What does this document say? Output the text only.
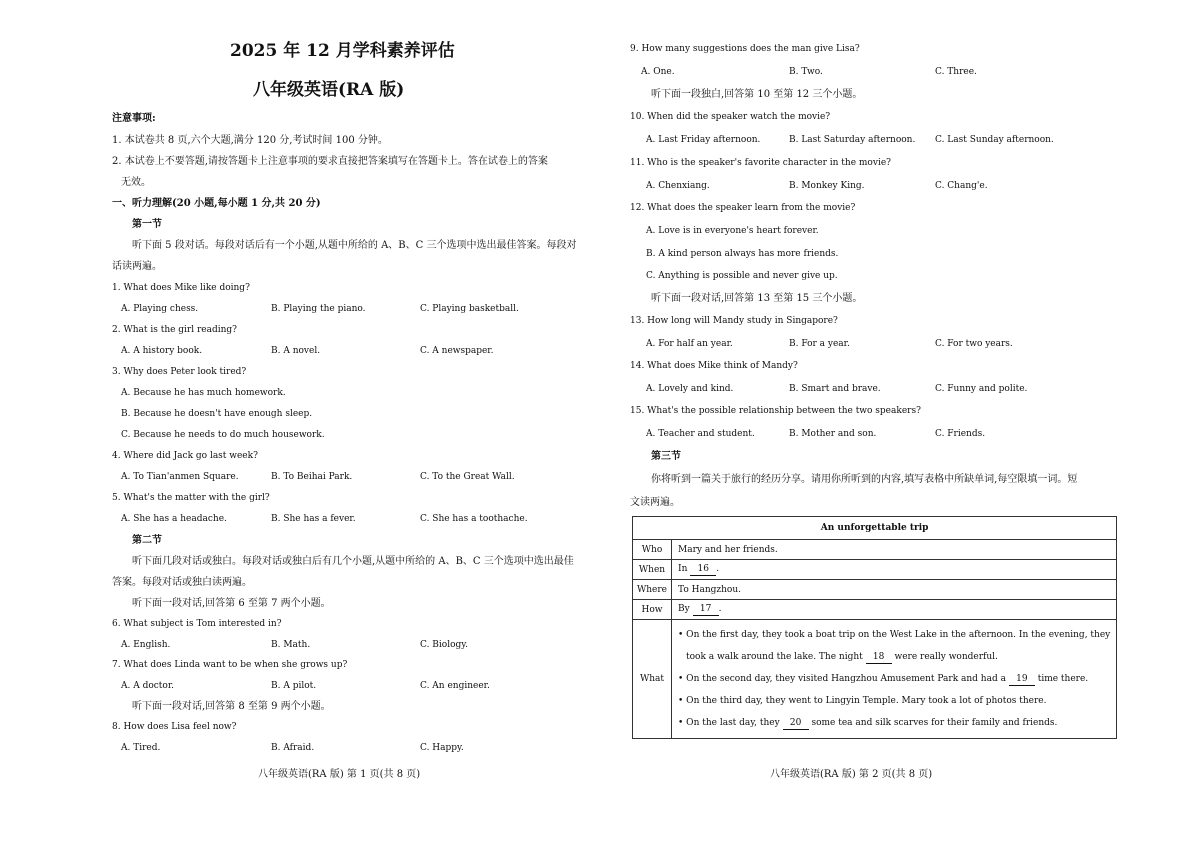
2025 年 12 月学科素养评估
八年级英语(RA 版)
注意事项:
1. 本试卷共 8 页,六个大题,满分 120 分,考试时间 100 分钟。
2. 本试卷上不要答题,请按答题卡上注意事项的要求直接把答案填写在答题卡上。答在试卷上的答案
无效。
一、听力理解(20 小题,每小题 1 分,共 20 分)
第一节
听下面 5 段对话。每段对话后有一个小题,从题中所给的 A、B、C 三个选项中选出最佳答案。每段对
话读两遍。
1. What does Mike like doing?
A. Playing chess.	B. Playing the piano.	C. Playing basketball.
2. What is the girl reading?
A. A history book.	B. A novel.	C. A newspaper.
3. Why does Peter look tired?
A. Because he has much homework.
B. Because he doesn't have enough sleep.
C. Because he needs to do much housework.
4. Where did Jack go last week?
A. To Tian'anmen Square.	B. To Beihai Park.	C. To the Great Wall.
5. What's the matter with the girl?
A. She has a headache.	B. She has a fever.	C. She has a toothache.
第二节
听下面几段对话或独白。每段对话或独白后有几个小题,从题中所给的 A、B、C 三个选项中选出最佳
答案。每段对话或独白读两遍。
听下面一段对话,回答第 6 至第 7 两个小题。
6. What subject is Tom interested in?
A. English.	B. Math.	C. Biology.
7. What does Linda want to be when she grows up?
A. A doctor.	B. A pilot.	C. An engineer.
听下面一段对话,回答第 8 至第 9 两个小题。
8. How does Lisa feel now?
A. Tired.	B. Afraid.	C. Happy.
八年级英语(RA 版) 第 1 页(共 8 页)
9. How many suggestions does the man give Lisa?
A. One.	B. Two.	C. Three.
听下面一段独白,回答第 10 至第 12 三个小题。
10. When did the speaker watch the movie?
A. Last Friday afternoon.	B. Last Saturday afternoon. C. Last Sunday afternoon.
11. Who is the speaker's favorite character in the movie?
A. Chenxiang.	B. Monkey King.	C. Chang'e.
12. What does the speaker learn from the movie?
A. Love is in everyone's heart forever.
B. A kind person always has more friends.
C. Anything is possible and never give up.
听下面一段对话,回答第 13 至第 15 三个小题。
13. How long will Mandy study in Singapore?
A. For half an year.	B. For a year.	C. For two years.
14. What does Mike think of Mandy?
A. Lovely and kind.	B. Smart and brave.	C. Funny and polite.
15. What's the possible relationship between the two speakers?
A. Teacher and student.	B. Mother and son.	C. Friends.
第三节
你将听到一篇关于旅行的经历分享。请用你所听到的内容,填写表格中所缺单词,每空限填一词。短
文读两遍。
An unforgettable trip	
Who	Mary and her friends.
When	In 16 .
Where	To Hangzhou.
How	By 17 .
What	• On the first day, they took a boat trip on the West Lake in the afternoon. In the evening, they
took a walk around the lake. The night 18 were really wonderful.
• On the second day, they visited Hangzhou Amusement Park and had a 19 time there.
• On the third day, they went to Lingyin Temple. Mary took a lot of photos there.
• On the last day, they 20 some tea and silk scarves for their family and friends.
八年级英语(RA 版) 第 2 页(共 8 页)
